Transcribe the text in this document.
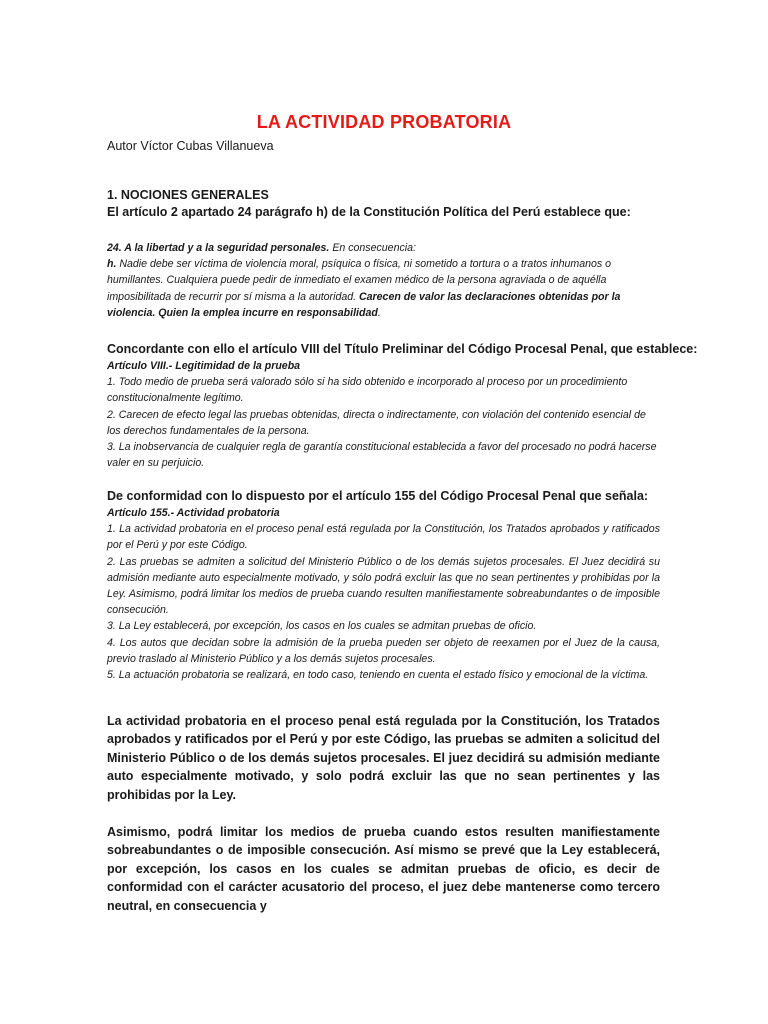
LA ACTIVIDAD PROBATORIA
Autor Víctor Cubas Villanueva

1. NOCIONES GENERALES

El artículo 2 apartado 24 parágrafo h) de la Constitución Política del Perú establece que:

24. A la libertad y a la seguridad personales. En consecuencia:

h. Nadie debe ser víctima de violencia moral, psíquica o física, ni sometido a tortura o a tratos inhumanos o humillantes. Cualquiera puede pedir de inmediato el examen médico de la persona agraviada o de aquélla imposibilitada de recurrir por sí misma a la autoridad. Carecen de valor las declaraciones obtenidas por la violencia. Quien la emplea incurre en responsabilidad.

Concordante con ello el artículo VIII del Título Preliminar del Código Procesal Penal, que establece:

Artículo VIII.- Legitimidad de la prueba

1. Todo medio de prueba será valorado sólo si ha sido obtenido e incorporado al proceso por un procedimiento constitucionalmente legítimo.

2. Carecen de efecto legal las pruebas obtenidas, directa o indirectamente, con violación del contenido esencial de los derechos fundamentales de la persona.

3. La inobservancia de cualquier regla de garantía constitucional establecida a favor del procesado no podrá hacerse valer en su perjuicio.

De conformidad con lo dispuesto por el artículo 155 del Código Procesal Penal que señala:

Artículo 155.- Actividad probatoria

1. La actividad probatoria en el proceso penal está regulada por la Constitución, los Tratados aprobados y ratificados por el Perú y por este Código.

2. Las pruebas se admiten a solicitud del Ministerio Público o de los demás sujetos procesales. El Juez decidirá su admisión mediante auto especialmente motivado, y sólo podrá excluir las que no sean pertinentes y prohibidas por la Ley. Asimismo, podrá limitar los medios de prueba cuando resulten manifiestamente sobreabundantes o de imposible consecución.

3. La Ley establecerá, por excepción, los casos en los cuales se admitan pruebas de oficio.

4. Los autos que decidan sobre la admisión de la prueba pueden ser objeto de reexamen por el Juez de la causa, previo traslado al Ministerio Público y a los demás sujetos procesales.

5. La actuación probatoria se realizará, en todo caso, teniendo en cuenta el estado físico y emocional de la víctima.

La actividad probatoria en el proceso penal está regulada por la Constitución, los Tratados aprobados y ratificados por el Perú y por este Código, las pruebas se admiten a solicitud del Ministerio Público o de los demás sujetos procesales. El juez decidirá su admisión mediante auto especialmente motivado, y solo podrá excluir las que no sean pertinentes y las prohibidas por la Ley.

Asimismo, podrá limitar los medios de prueba cuando estos resulten manifiestamente sobreabundantes o de imposible consecución. Así mismo se prevé que la Ley establecerá, por excepción, los casos en los cuales se admitan pruebas de oficio, es decir de conformidad con el carácter acusatorio del proceso, el juez debe mantenerse como tercero neutral, en consecuencia y
